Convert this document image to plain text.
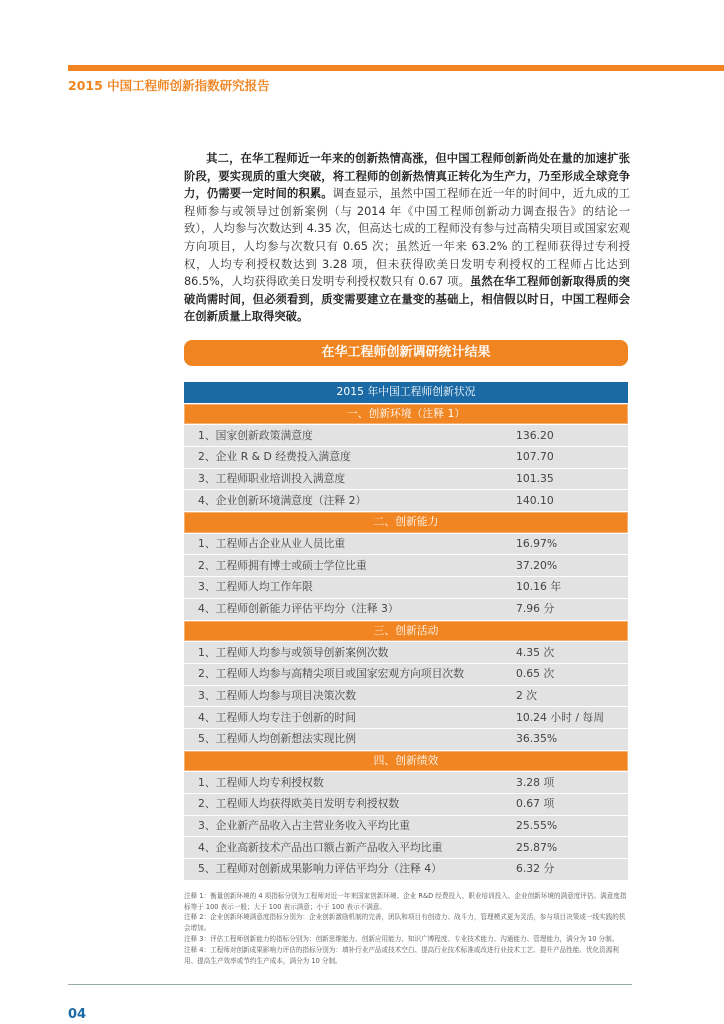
2015 中国工程师创新指数研究报告
其二，在华工程师近一年来的创新热情高涨，但中国工程师创新尚处在量的加速扩张阶段，要实现质的重大突破，将工程师的创新热情真正转化为生产力，乃至形成全球竞争力，仍需要一定时间的积累。调查显示，虽然中国工程师在近一年的时间中，近九成的工程师参与或领导过创新案例（与 2014 年《中国工程师创新动力调查报告》的结论一致），人均参与次数达到 4.35 次，但高达七成的工程师没有参与过高精尖项目或国家宏观方向项目，人均参与次数只有 0.65 次；虽然近一年来 63.2% 的工程师获得过专利授权，人均专利授权数达到 3.28 项，但未获得欧美日发明专利授权的工程师占比达到 86.5%，人均获得欧美日发明专利授权数只有 0.67 项。虽然在华工程师创新取得质的突破尚需时间，但必须看到，质变需要建立在量变的基础上，相信假以时日，中国工程师会在创新质量上取得突破。
在华工程师创新调研统计结果
2015 年中国工程师创新状况
一、创新环境（注释 1）
1、国家创新政策满意度	136.20
2、企业 R & D 经费投入满意度	107.70
3、工程师职业培训投入满意度	101.35
4、企业创新环境满意度（注释 2）	140.10
二、创新能力
1、工程师占企业从业人员比重	16.97%
2、工程师拥有博士或硕士学位比重	37.20%
3、工程师人均工作年限	10.16 年
4、工程师创新能力评估平均分（注释 3）	7.96 分
三、创新活动
1、工程师人均参与或领导创新案例次数	4.35 次
2、工程师人均参与高精尖项目或国家宏观方向项目次数	0.65 次
3、工程师人均参与项目决策次数	2 次
4、工程师人均专注于创新的时间	10.24 小时 / 每周
5、工程师人均创新想法实现比例	36.35%
四、创新绩效
1、工程师人均专利授权数	3.28 项
2、工程师人均获得欧美日发明专利授权数	0.67 项
3、企业新产品收入占主营业务收入平均比重	25.55%
4、企业高新技术产品出口额占新产品收入平均比重	25.87%
5、工程师对创新成果影响力评估平均分（注释 4）	6.32 分
注释 1：衡量创新环境的 4 项指标分别为工程师对近一年来国家创新环境、企业 R&D 经费投入、职业培训投入、企业创新环境的满意度评估。满意度指标等于 100 表示一般；大于 100 表示满意；小于 100 表示不满意。
注释 2：企业创新环境满意度指标分别为：企业创新激励机制的完善，团队和项目有创造力、战斗力，管理模式更为灵活，参与项目决策或一线实践的机会增加。
注释 3：评估工程师创新能力的指标分别为：创新思维能力、创新应用能力、知识广博程度、专业技术能力、沟通能力、管理能力，满分为 10 分制。
注释 4：工程师对创新成果影响力评估的指标分别为：填补行业产品或技术空白、提高行业技术标准或改进行业技术工艺、提升产品性能、优化资源利用、提高生产效率或节约生产成本，满分为 10 分制。
04
